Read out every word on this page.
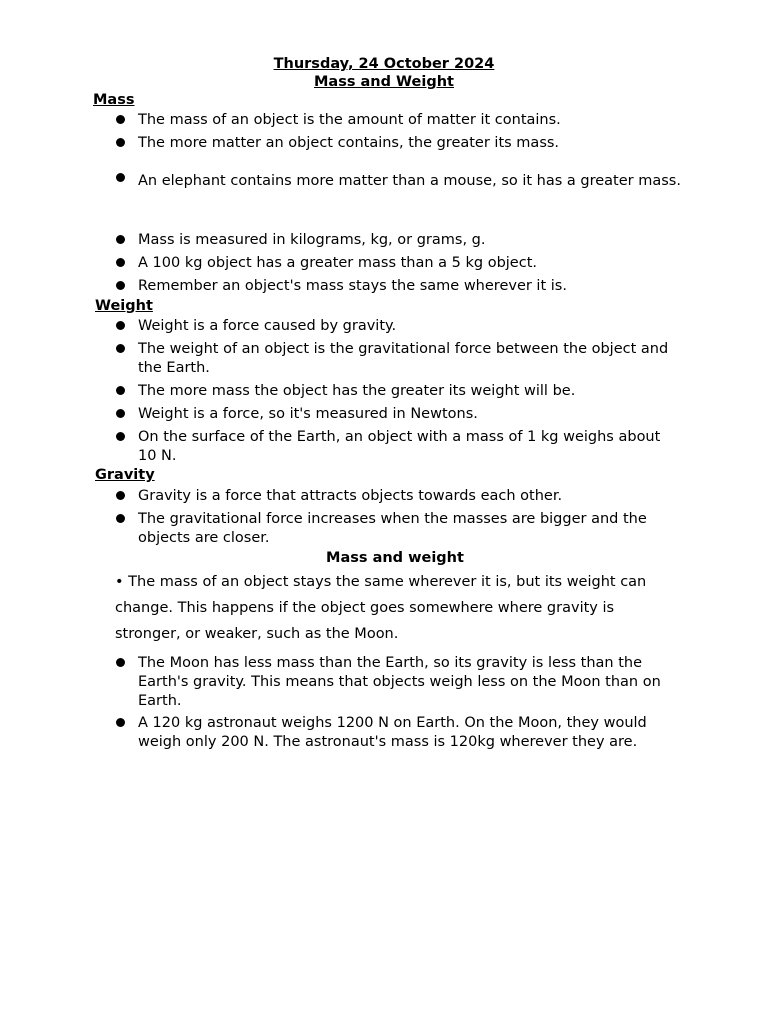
Thursday, 24 October 2024
Mass and Weight
Mass
The mass of an object is the amount of matter it contains.
The more matter an object contains, the greater its mass.
An elephant contains more matter than a mouse, so it has a greater mass.
Mass is measured in kilograms, kg, or grams, g.
A 100 kg object has a greater mass than a 5 kg object.
Remember an object's mass stays the same wherever it is.
Weight
Weight is a force caused by gravity.
The weight of an object is the gravitational force between the object and the Earth.
The more mass the object has the greater its weight will be.
Weight is a force, so it's measured in Newtons.
On the surface of the Earth, an object with a mass of 1 kg weighs about 10 N.
Gravity
Gravity is a force that attracts objects towards each other.
The gravitational force increases when the masses are bigger and the objects are closer.
Mass and weight
• The mass of an object stays the same wherever it is, but its weight can change. This happens if the object goes somewhere where gravity is stronger, or weaker, such as the Moon.
The Moon has less mass than the Earth, so its gravity is less than the Earth's gravity. This means that objects weigh less on the Moon than on Earth.
A 120 kg astronaut weighs 1200 N on Earth. On the Moon, they would weigh only 200 N. The astronaut's mass is 120kg wherever they are.
